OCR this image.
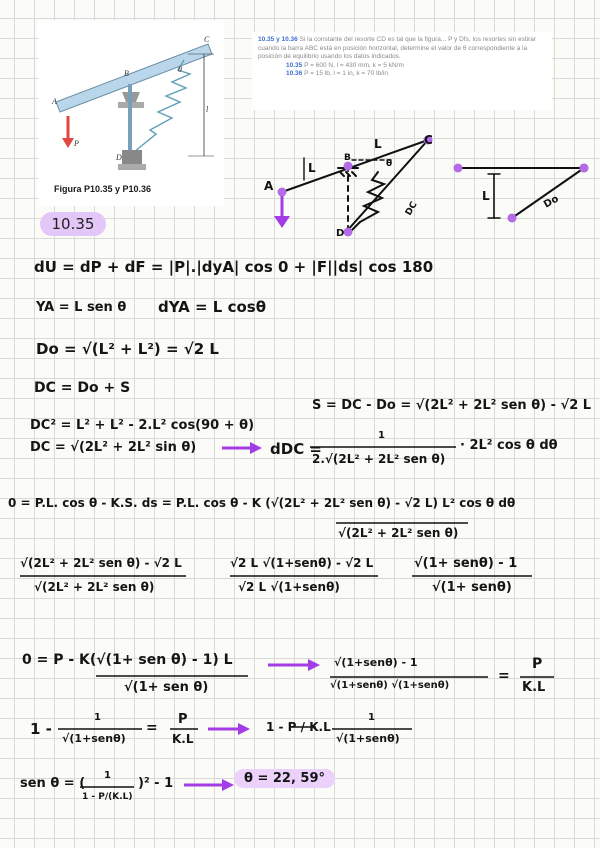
A
B
C
D
P
l
θ
Figura P10.35 y P10.36
10.35 y 10.36 Si la constante del resorte CD es tal que la figura... P y Dfs, los resortes sin estirar cuando la barra ABC está en posición horizontal, determine el valor de θ correspondiente a la posición de equilibrio usando los datos indicados.
10.35 P = 600 N, l = 430 mm, k = 5 kN/m
10.36 P = 15 lb, l = 1 in, k = 70 lb/in
10.35
A
B
L	C
L
D
DC
L	Do
θ
dU = dP + dF = |P|.|dyA| cos 0 + |F||ds| cos 180
YA = L sen θ dYA = L cosθ
Do = √(L² + L²) = √2 L
DC = Do + S
S = DC - Do = √(2L² + 2L² sen θ) - √2 L
DC² = L² + L² - 2.L² cos(90 + θ)
DC = √(2L² + 2L² sin θ)	dDC =
1
2.√(2L² + 2L² sen θ)
· 2L² cos θ dθ
0 = P.L. cos θ - K.S. ds = P.L. cos θ - K (√(2L² + 2L² sen θ) - √2 L) L² cos θ dθ
√(2L² + 2L² sen θ)
√(2L² + 2L² sen θ) - √2 L
√(2L² + 2L² sen θ)
√2 L √(1+senθ) - √2 L
√2 L √(1+senθ)
√(1+ senθ) - 1
√(1+ senθ)
0 = P - K(√(1+ sen θ) - 1) L
√(1+ sen θ)
√(1+senθ) - 1
√(1+senθ) √(1+senθ)
=
P
K.L
1 -
1
√(1+senθ)
=
P
K.L
1 - P / K.L
1
√(1+senθ)
sen θ = (
1
1 - P/(K.L)
)² - 1	θ = 22, 59°
